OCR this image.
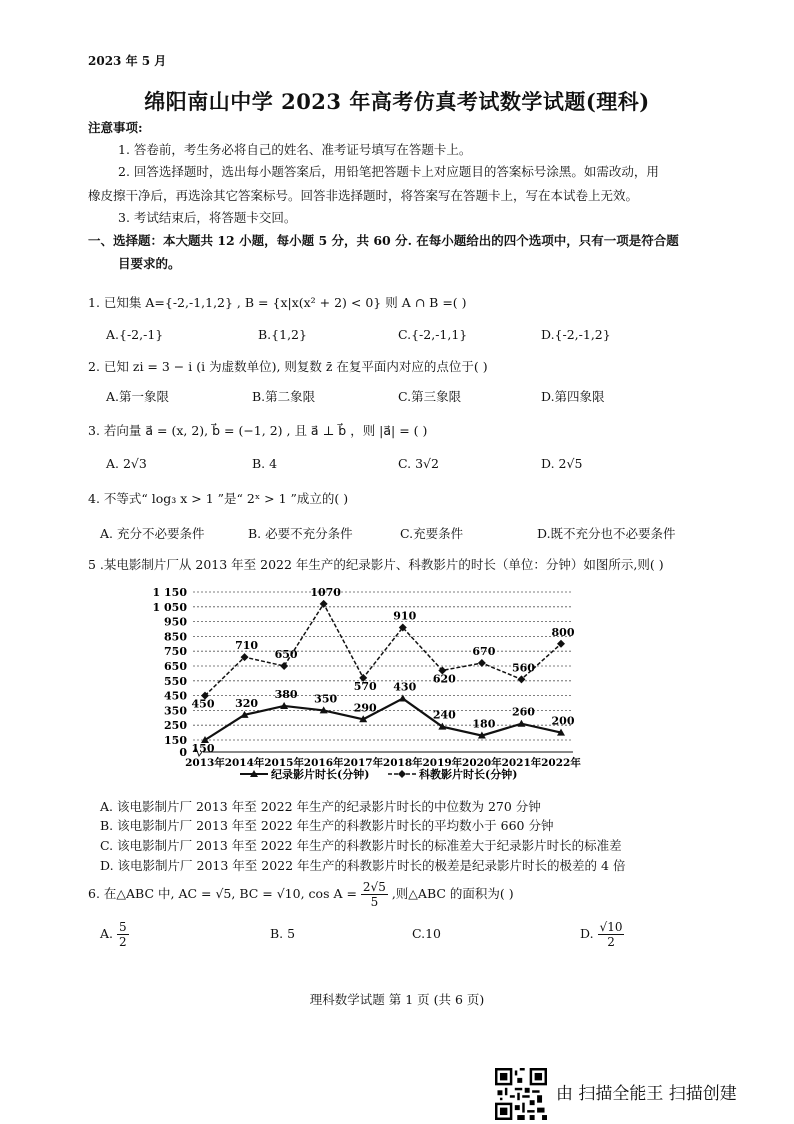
2023 年 5 月
绵阳南山中学 2023 年高考仿真考试数学试题(理科)
注意事项:
1. 答卷前，考生务必将自己的姓名、准考证号填写在答题卡上。
2. 回答选择题时，选出每小题答案后，用铅笔把答题卡上对应题目的答案标号涂黑。如需改动，用
橡皮擦干净后，再选涂其它答案标号。回答非选择题时，将答案写在答题卡上，写在本试卷上无效。
3. 考试结束后，将答题卡交回。
一、选择题：本大题共 12 小题，每小题 5 分，共 60 分. 在每小题给出的四个选项中，只有一项是符合题
目要求的。
1. 已知集 A={-2,-1,1,2} , B = {x|x(x² + 2) < 0} 则 A ∩ B =( )
A.{-2,-1}	B.{1,2}	C.{-2,-1,1}	D.{-2,-1,2}
2. 已知 zi = 3 − i (i 为虚数单位), 则复数 z̄ 在复平面内对应的点位于( )
A.第一象限	B.第二象限	C.第三象限	D.第四象限
3. 若向量 a⃗ = (x, 2), b⃗ = (−1, 2) , 且 a⃗ ⊥ b⃗ ，则 |a⃗| = ( )
A. 2√3	B. 4	C. 3√2	D. 2√5
4. 不等式“ log₃ x > 1 ”是“ 2ˣ > 1 ”成立的( )
A. 充分不必要条件	B. 必要不充分条件	C.充要条件	D.既不充分也不必要条件
5 .某电影制片厂从 2013 年至 2022 年生产的纪录影片、科教影片的时长（单位：分钟）如图所示,则( )
1 150
1 050
950
850
750
650
550
450
350
250
150
0
2013年 2014年 2015年 2016年 2017年 2018年 2019年 2020年 2021年 2022年
150
320
380 350
290
430
240
180
260
200
450
710
650
1070
570
910
620
670
560
800
纪录影片时长(分钟)	科教影片时长(分钟)
A. 该电影制片厂 2013 年至 2022 年生产的纪录影片时长的中位数为 270 分钟
B. 该电影制片厂 2013 年至 2022 年生产的科教影片时长的平均数小于 660 分钟
C. 该电影制片厂 2013 年至 2022 年生产的科教影片时长的标准差大于纪录影片时长的标准差
D. 该电影制片厂 2013 年至 2022 年生产的科教影片时长的极差是纪录影片时长的极差的 4 倍
6. 在△ABC 中, AC = √5, BC = √10, $\cos A = \frac{2√5}{5}$ ,则△ABC 的面积为( )
A. $\frac{5}{2}$	B. 5	C.10	D. $\frac{√10}{2}$
理科数学试题 第 1 页 (共 6 页)
由 扫描全能王 扫描创建
